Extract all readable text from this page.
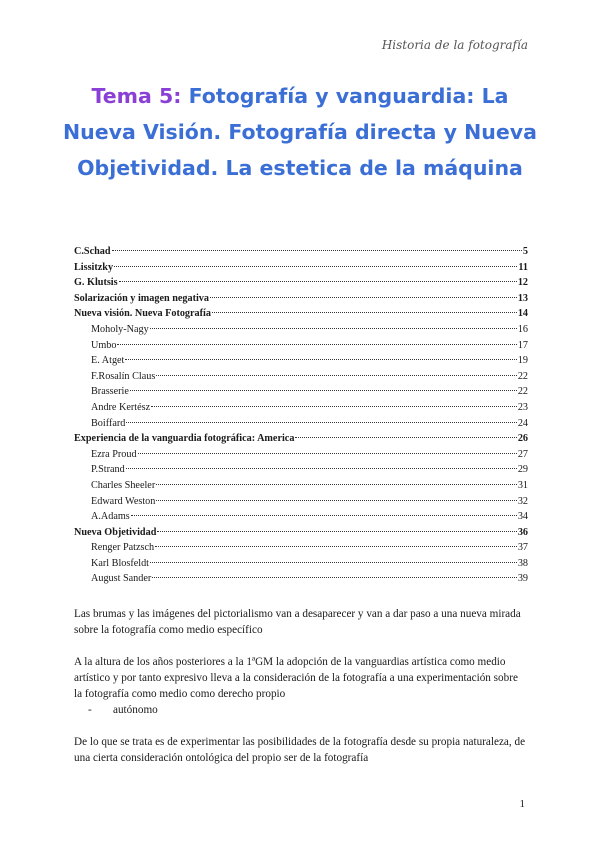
Historia de la fotografía
Tema 5: Fotografía y vanguardia: La Nueva Visión. Fotografía directa y Nueva Objetividad. La estetica de la máquina
C.Schad	5
Lissitzky	11
G. Klutsis	12
Solarización y imagen negativa	13
Nueva visión. Nueva Fotografía	14
Moholy-Nagy	16
Umbo	17
E. Atget	19
F.Rosalín Claus	22
Brasserie	22
Andre Kertész	23
Boiffard	24
Experiencia de la vanguardia fotográfica: America	26
Ezra Proud	27
P.Strand	29
Charles Sheeler	31
Edward Weston	32
A.Adams	34
Nueva Objetividad	36
Renger Patzsch	37
Karl Blosfeldt	38
August Sander	39

Las brumas y las imágenes del pictorialismo van a desaparecer y van a dar paso a una nueva mirada sobre la fotografía como medio específico

A la altura de los años posteriores a la 1ªGM la adopción de la vanguardias artística como medio artístico y por tanto expresivo lleva a la consideración de la fotografía a una experimentación sobre la fotografía como medio como derecho propio

-	autónomo

De lo que se trata es de experimentar las posibilidades de la fotografía desde su propia naturaleza, de una cierta consideración ontológica del propio ser de la fotografía

1
